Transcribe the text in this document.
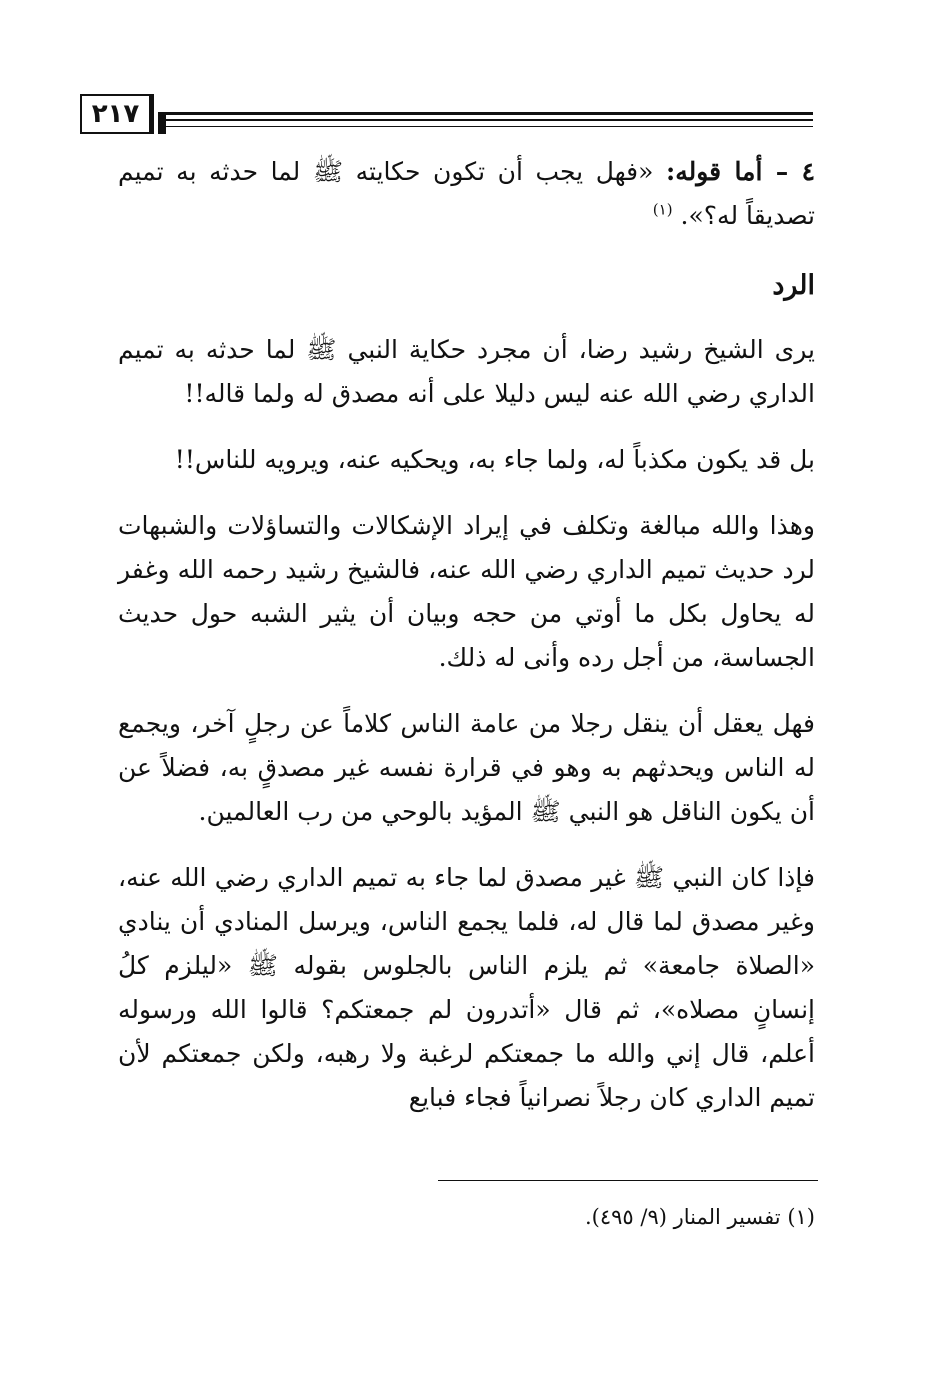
٢١٧

٤ – أما قوله: «فهل يجب أن تكون حكايته ﷺ لما حدثه به تميم تصديقاً له؟». $^{(١)}$

الرد

يرى الشيخ رشيد رضا، أن مجرد حكاية النبي ﷺ لما حدثه به تميم الداري رضي الله عنه ليس دليلا على أنه مصدق له ولما قاله!!

بل قد يكون مكذباً له، ولما جاء به، ويحكيه عنه، ويرويه للناس!!

وهذا والله مبالغة وتكلف في إيراد الإشكالات والتساؤلات والشبهات لرد حديث تميم الداري رضي الله عنه، فالشيخ رشيد رحمه الله وغفر له يحاول بكل ما أوتي من حجه وبيان أن يثير الشبه حول حديث الجساسة، من أجل رده وأنى له ذلك.

فهل يعقل أن ينقل رجلا من عامة الناس كلاماً عن رجلٍ آخر، ويجمع له الناس ويحدثهم به وهو في قرارة نفسه غير مصدقٍ به، فضلاً عن أن يكون الناقل هو النبي ﷺ المؤيد بالوحي من رب العالمين.

فإذا كان النبي ﷺ غير مصدق لما جاء به تميم الداري رضي الله عنه، وغير مصدق لما قال له، فلما يجمع الناس، ويرسل المنادي أن ينادي «الصلاة جامعة» ثم يلزم الناس بالجلوس بقوله ﷺ «ليلزم كلُ إنسانٍ مصلاه»، ثم قال «أتدرون لم جمعتكم؟ قالوا الله ورسوله أعلم، قال إني والله ما جمعتكم لرغبة ولا رهبه، ولكن جمعتكم لأن تميم الداري كان رجلاً نصرانياً فجاء فبايع

(١) تفسير المنار (٩/ ٤٩٥).
